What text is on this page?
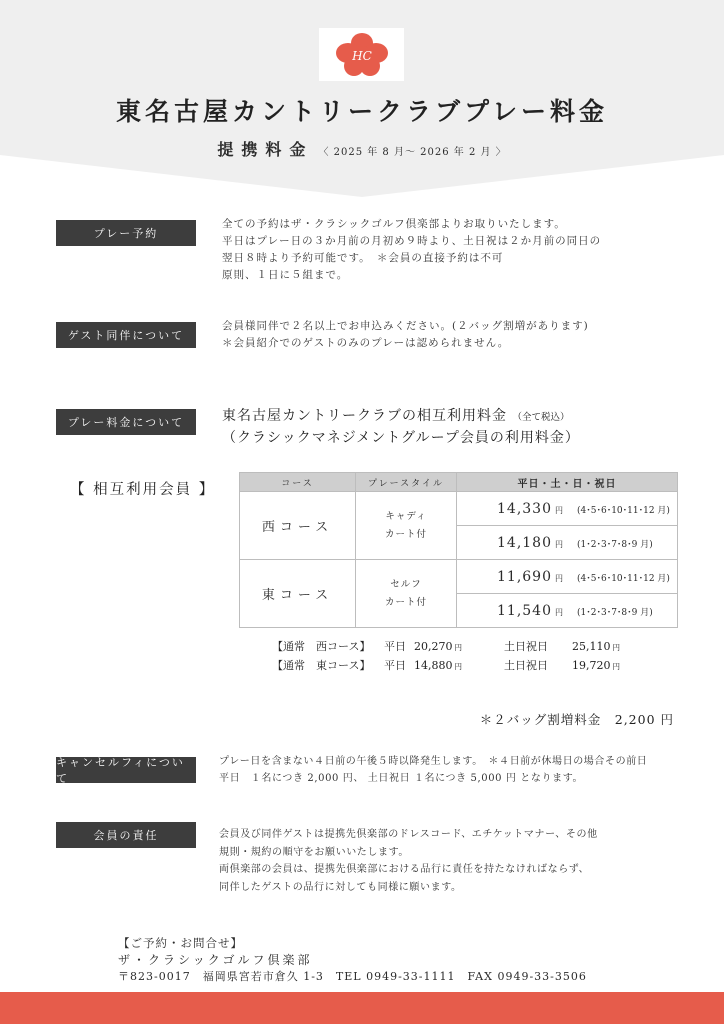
HC
東名古屋カントリークラブプレー料金
提携料金 〈 2025 年 8 月～ 2026 年 2 月 〉
プレー予約
全ての予約はザ・クラシックゴルフ倶楽部よりお取りいたします。
平日はプレー日の３か月前の月初め９時より、土日祝は２か月前の同日の
翌日８時より予約可能です。　＊会員の直接予約は不可
原則、１日に５組まで。
ゲスト同伴について
会員様同伴で２名以上でお申込みください。(２バッグ割増があります)
＊会員紹介でのゲストのみのプレーは認められません。
プレー料金について	東名古屋カントリークラブの相互利用料金 （全て税込）
（クラシックマネジメントグループ会員の利用料金）
【 相互利用会員 】	コース	プレースタイル	平日・土・日・祝日
西コース	キャディ
カート付	14,330 円 (4･5･6･10･11･12 月)
		14,180 円 (1･2･3･7･8･9 月)
東コース	セルフ
カート付	11,690 円 (4･5･6･10･11･12 月)
		11,540 円 (1･2･3･7･8･9 月)
【通常　西コース】 平日 20,270 円	土日祝日 25,110 円
【通常　東コース】 平日 14,880 円	土日祝日 19,720 円
＊２バッグ割増料金　2,200 円
キャンセルフィについて
プレー日を含まない４日前の午後５時以降発生します。　＊４日前が休場日の場合その前日
平日　１名につき 2,000 円、 土日祝日 １名につき 5,000 円 となります。
会員の責任	会員及び同伴ゲストは提携先倶楽部のドレスコード、エチケットマナー、その他
規則・規約の順守をお願いいたします。
両倶楽部の会員は、提携先倶楽部における品行に責任を持たなければならず、
同伴したゲストの品行に対しても同様に願います。
【ご予約・お問合せ】
ザ・クラシックゴルフ倶楽部
〒823-0017　福岡県宮若市倉久 1-3　TEL 0949-33-1111　FAX 0949-33-3506
